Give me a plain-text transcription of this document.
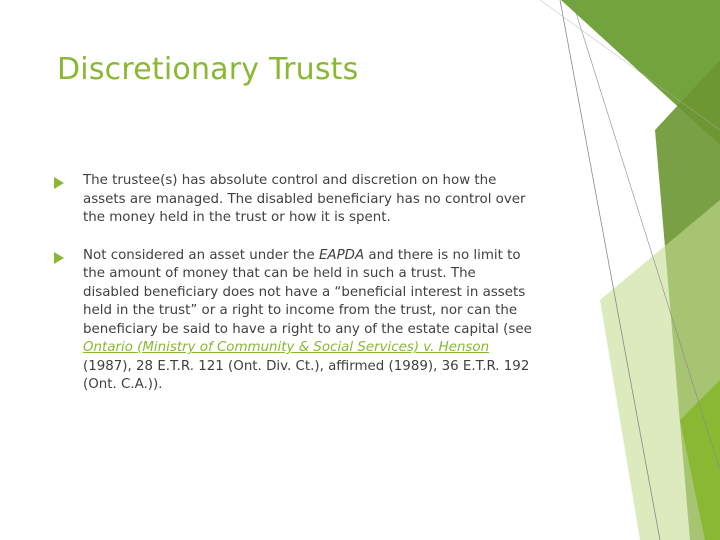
Discretionary Trusts
The trustee(s) has absolute control and discretion on how the assets are managed. The disabled beneficiary has no control over the money held in the trust or how it is spent.
Not considered an asset under the EAPDA and there is no limit to the amount of money that can be held in such a trust. The disabled beneficiary does not have a “beneficial interest in assets held in the trust” or a right to income from the trust, nor can the beneficiary be said to have a right to any of the estate capital (see Ontario (Ministry of Community & Social Services) v. Henson (1987), 28 E.T.R. 121 (Ont. Div. Ct.), affirmed (1989), 36 E.T.R. 192 (Ont. C.A.)).
